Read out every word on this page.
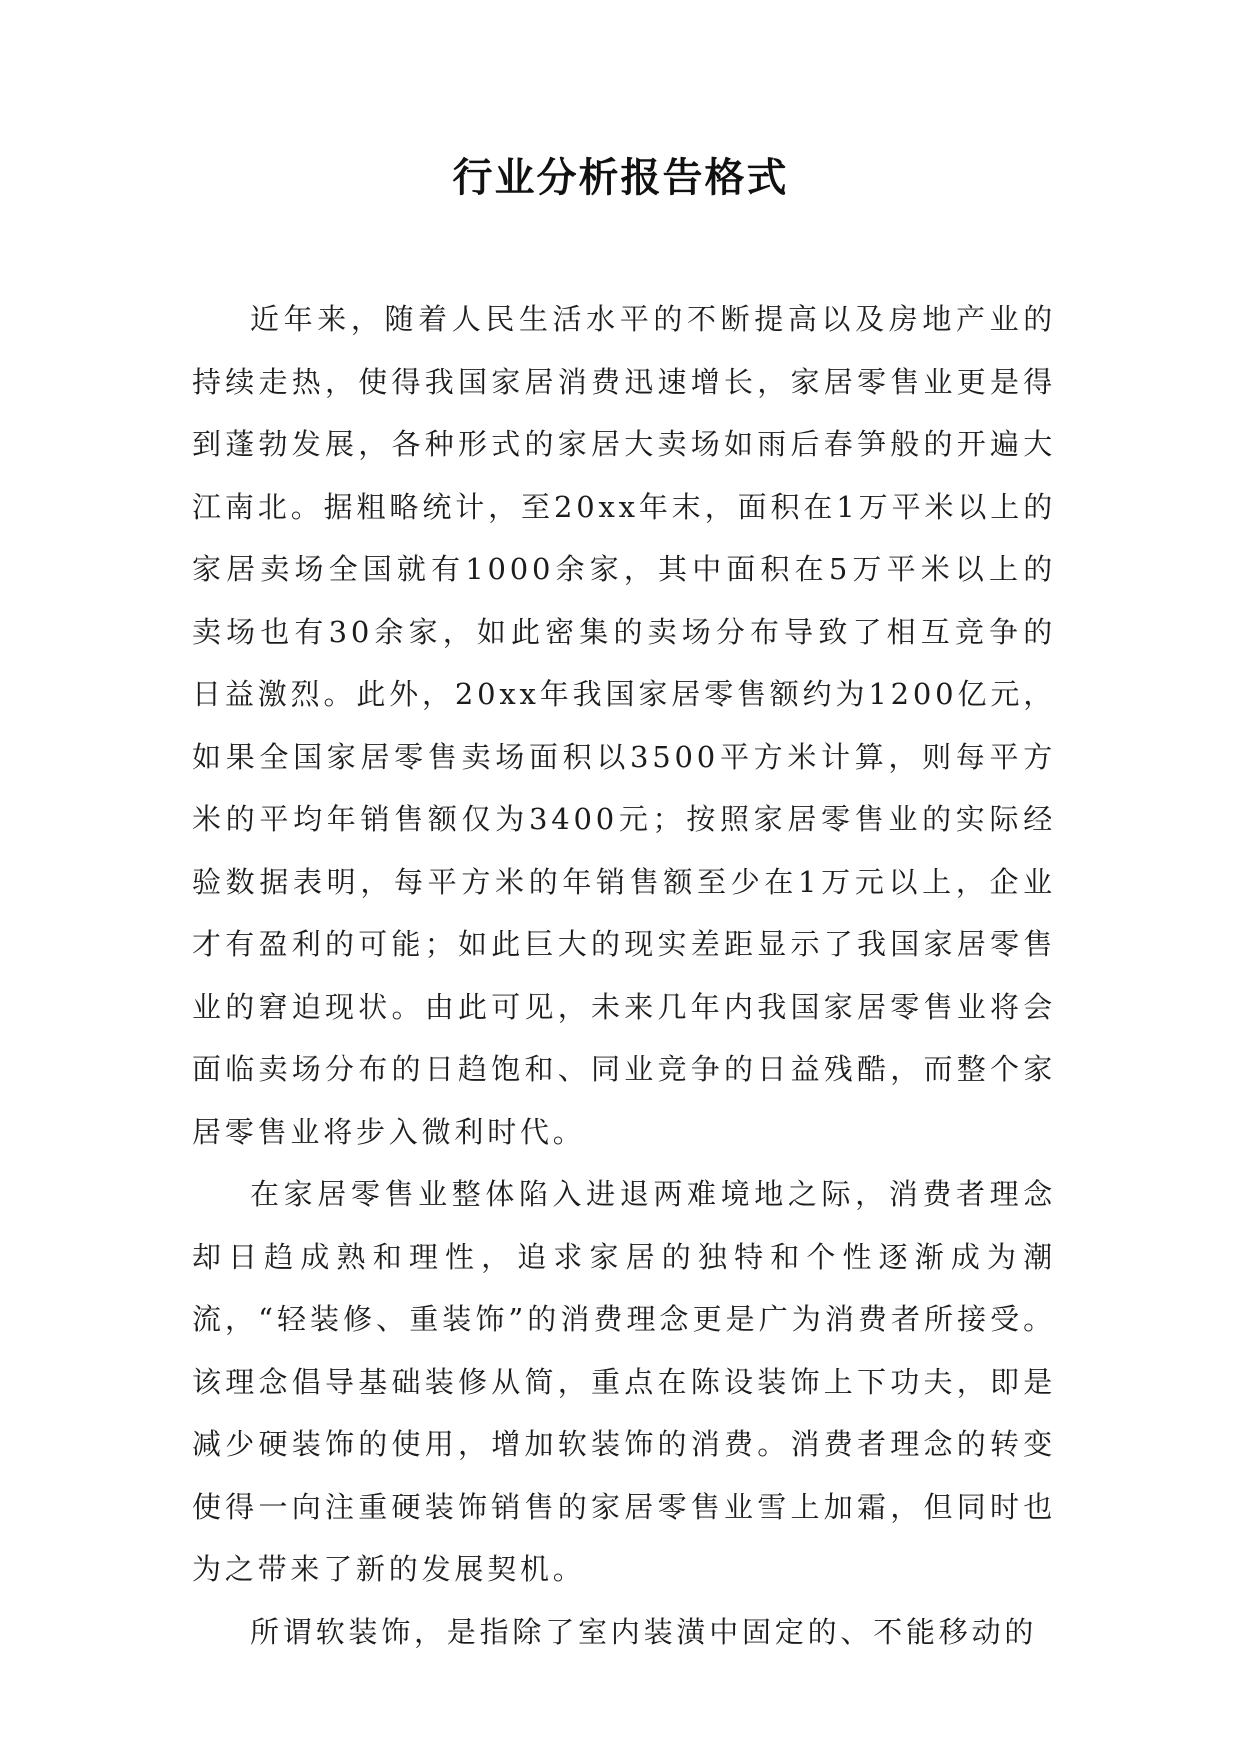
行业分析报告格式

近年来，随着人民生活水平的不断提高以及房地产业的持续走热，使得我国家居消费迅速增长，家居零售业更是得到蓬勃发展，各种形式的家居大卖场如雨后春笋般的开遍大江南北。据粗略统计，至20xx年末，面积在1万平米以上的家居卖场全国就有1000余家，其中面积在5万平米以上的卖场也有30余家，如此密集的卖场分布导致了相互竞争的日益激烈。此外，20xx年我国家居零售额约为1200亿元，如果全国家居零售卖场面积以3500平方米计算，则每平方米的平均年销售额仅为3400元；按照家居零售业的实际经验数据表明，每平方米的年销售额至少在1万元以上，企业才有盈利的可能；如此巨大的现实差距显示了我国家居零售业的窘迫现状。由此可见，未来几年内我国家居零售业将会面临卖场分布的日趋饱和、同业竞争的日益残酷，而整个家居零售业将步入微利时代。

在家居零售业整体陷入进退两难境地之际，消费者理念却日趋成熟和理性，追求家居的独特和个性逐渐成为潮流，“轻装修、重装饰”的消费理念更是广为消费者所接受。该理念倡导基础装修从简，重点在陈设装饰上下功夫，即是减少硬装饰的使用，增加软装饰的消费。消费者理念的转变使得一向注重硬装饰销售的家居零售业雪上加霜，但同时也为之带来了新的发展契机。

所谓软装饰，是指除了室内装潢中固定的、不能移动的
